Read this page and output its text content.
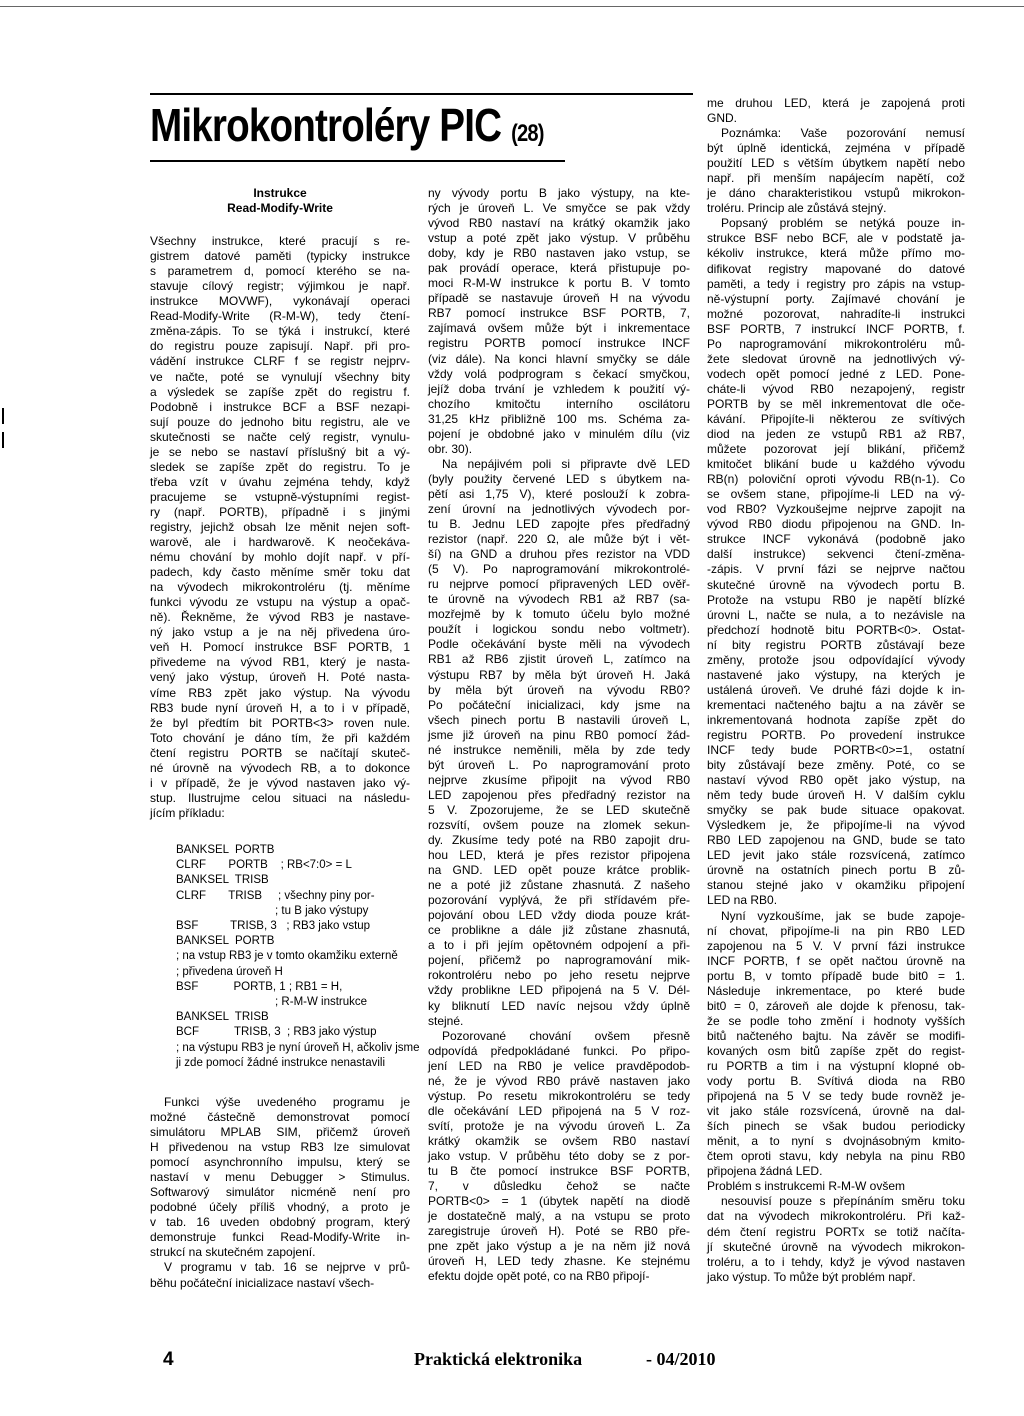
Mikrokontroléry PIC (28)

Instrukce

Read-Modify-Write

Všechny instrukce, které pracují s re-

gistrem datové paměti (typicky instrukce

s parametrem d, pomocí kterého se na-

stavuje cílový registr; výjimkou je např.

instrukce MOVWF), vykonávají operaci

Read-Modify-Write (R-M-W), tedy čtení-

změna-zápis. To se týká i instrukcí, které

do registru pouze zapisují. Např. při pro-

vádění instrukce CLRF f se registr nejprv-

ve načte, poté se vynulují všechny bity

a výsledek se zapíše zpět do registru f.

Podobně i instrukce BCF a BSF nezapi-

sují pouze do jednoho bitu registru, ale ve

skutečnosti se načte celý registr, vynulu-

je se nebo se nastaví příslušný bit a vý-

sledek se zapíše zpět do registru. To je

třeba vzít v úvahu zejména tehdy, když

pracujeme se vstupně-výstupními regist-

ry (např. PORTB), případně i s jinými

registry, jejichž obsah lze měnit nejen soft-

warově, ale i hardwarově. K neočekáva-

nému chování by mohlo dojít např. v pří-

padech, kdy často měníme směr toku dat

na vývodech mikrokontroléru (tj. měníme

funkci vývodu ze vstupu na výstup a opač-

ně). Řekněme, že vývod RB3 je nastave-

ný jako vstup a je na něj přivedena úro-

veň H. Pomocí instrukce BSF PORTB, 1

přivedeme na vývod RB1, který je nasta-

vený jako výstup, úroveň H. Poté nasta-

víme RB3 zpět jako výstup. Na vývodu

RB3 bude nyní úroveň H, a to i v případě,

že byl předtím bit PORTB<3> roven nule.

Toto chování je dáno tím, že při každém

čtení registru PORTB se načítají skuteč-

né úrovně na vývodech RB, a to dokonce

i v případě, že je vývod nastaven jako vý-

stup. Ilustrujme celou situaci na následu-

jícím příkladu:

BANKSEL  PORTB

CLRF       PORTB    ; RB<7:0> = L

BANKSEL  TRISB

CLRF       TRISB     ; všechny piny por-

; tu B jako výstupy

BSF          TRISB, 3   ; RB3 jako vstup

BANKSEL  PORTB

; na vstup RB3 je v tomto okamžiku externě

; přivedena úroveň H

BSF           PORTB, 1 ; RB1 = H,

; R-M-W instrukce

BANKSEL  TRISB

BCF           TRISB, 3  ; RB3 jako výstup

; na výstupu RB3 je nyní úroveň H, ačkoliv jsme

ji zde pomocí žádné instrukce nenastavili

Funkci výše uvedeného programu je

možné částečně demonstrovat pomocí

simulátoru MPLAB SIM, přičemž úroveň

H přivedenou na vstup RB3 lze simulovat

pomocí asynchronního impulsu, který se

nastaví v menu Debugger > Stimulus.

Softwarový simulátor nicméně není pro

podobné účely příliš vhodný, a proto je

v tab. 16 uveden obdobný program, který

demonstruje funkci Read-Modify-Write in-

strukcí na skutečném zapojení.

V programu v tab. 16 se nejprve v prů-

běhu počáteční inicializace nastaví všech-

ny vývody portu B jako výstupy, na kte-

rých je úroveň L. Ve smyčce se pak vždy

vývod RB0 nastaví na krátký okamžik jako

vstup a poté zpět jako výstup. V průběhu

doby, kdy je RB0 nastaven jako vstup, se

pak provádí operace, která přistupuje po-

moci R-M-W instrukce k portu B. V tomto

případě se nastavuje úroveň H na vývodu

RB7 pomocí instrukce BSF PORTB, 7,

zajímavá ovšem může být i inkrementace

registru PORTB pomocí instrukce INCF

(viz dále). Na konci hlavní smyčky se dále

vždy volá podprogram s čekací smyčkou,

jejíž doba trvání je vzhledem k použití vý-

chozího kmitočtu interního oscilátoru

31,25 kHz přibližně 100 ms. Schéma za-

pojení je obdobné jako v minulém dílu (viz

obr. 30).

Na nepájivém poli si připravte dvě LED

(byly použity červené LED s úbytkem na-

pětí asi 1,75 V), které poslouží k zobra-

zení úrovní na jednotlivých vývodech por-

tu B. Jednu LED zapojte přes předřadný

rezistor (např. 220 Ω, ale může být i vět-

ší) na GND a druhou přes rezistor na VDD

(5 V). Po naprogramování mikrokontrolé-

ru nejprve pomocí připravených LED ověř-

te úrovně na vývodech RB1 až RB7 (sa-

mozřejmě by k tomuto účelu bylo možné

použít i logickou sondu nebo voltmetr).

Podle očekávání byste měli na vývodech

RB1 až RB6 zjistit úroveň L, zatímco na

výstupu RB7 by měla být úroveň H. Jaká

by měla být úroveň na vývodu RB0?

Po počáteční inicializaci, kdy jsme na

všech pinech portu B nastavili úroveň L,

jsme již úroveň na pinu RB0 pomocí žád-

né instrukce neměnili, měla by zde tedy

být úroveň L. Po naprogramování proto

nejprve zkusíme připojit na vývod RB0

LED zapojenou přes předřadný rezistor na

5 V. Zpozorujeme, že se LED skutečně

rozsvítí, ovšem pouze na zlomek sekun-

dy. Zkusíme tedy poté na RB0 zapojit dru-

hou LED, která je přes rezistor připojena

na GND. LED opět pouze krátce problik-

ne a poté již zůstane zhasnutá. Z našeho

pozorování vyplývá, že při střídavém pře-

pojování obou LED vždy dioda pouze krát-

ce problikne a dále již zůstane zhasnutá,

a to i při jejím opětovném odpojení a při-

pojení, přičemž po naprogramování mik-

rokontroléru nebo po jeho resetu nejprve

vždy problikne LED připojená na 5 V. Dél-

ky bliknutí LED navíc nejsou vždy úplně

stejné.

Pozorované chování ovšem přesně

odpovídá předpokládané funkci. Po připo-

jení LED na RB0 je velice pravděpodob-

né, že je vývod RB0 právě nastaven jako

výstup. Po resetu mikrokontroléru se tedy

dle očekávání LED připojená na 5 V roz-

svítí, protože je na vývodu úroveň L. Za

krátký okamžik se ovšem RB0 nastaví

jako vstup. V průběhu této doby se z por-

tu B čte pomocí instrukce BSF PORTB,

7, v důsledku čehož se načte

PORTB<0> = 1 (úbytek napětí na diodě

je dostatečně malý, a na vstupu se proto

zaregistruje úroveň H). Poté se RB0 pře-

pne zpět jako výstup a je na něm již nová

úroveň H, LED tedy zhasne. Ke stejnému

efektu dojde opět poté, co na RB0 připojí-

me druhou LED, která je zapojená proti

GND.

Poznámka: Vaše pozorování nemusí

být úplně identická, zejména v případě

použití LED s větším úbytkem napětí nebo

např. při menším napájecím napětí, což

je dáno charakteristikou vstupů mikrokon-

troléru. Princip ale zůstává stejný.

Popsaný problém se netýká pouze in-

strukce BSF nebo BCF, ale v podstatě ja-

kékoliv instrukce, která může přímo mo-

difikovat registry mapované do datové

paměti, a tedy i registry pro zápis na vstup-

ně-výstupní porty. Zajímavé chování je

možné pozorovat, nahradíte-li instrukci

BSF PORTB, 7 instrukcí INCF PORTB, f.

Po naprogramování mikrokontroléru mů-

žete sledovat úrovně na jednotlivých vý-

vodech opět pomocí jedné z LED. Pone-

cháte-li vývod RB0 nezapojený, registr

PORTB by se měl inkrementovat dle oče-

kávání. Připojíte-li některou ze svítivých

diod na jeden ze vstupů RB1 až RB7,

můžete pozorovat její blikání, přičemž

kmitočet blikání bude u každého vývodu

RB(n) poloviční oproti vývodu RB(n-1). Co

se ovšem stane, připojíme-li LED na vý-

vod RB0? Vyzkoušejme nejprve zapojit na

vývod RB0 diodu připojenou na GND. In-

strukce INCF vykonává (podobně jako

další instrukce) sekvenci čtení-změna-

-zápis. V první fázi se nejprve načtou

skutečné úrovně na vývodech portu B.

Protože na vstupu RB0 je napětí blízké

úrovni L, načte se nula, a to nezávisle na

předchozí hodnotě bitu PORTB<0>. Ostat-

ní bity registru PORTB zůstávají beze

změny, protože jsou odpovídající vývody

nastavené jako výstupy, na kterých je

ustálená úroveň. Ve druhé fázi dojde k in-

krementaci načteného bajtu a na závěr se

inkrementovaná hodnota zapíše zpět do

registru PORTB. Po provedení instrukce

INCF tedy bude PORTB<0>=1, ostatní

bity zůstávají beze změny. Poté, co se

nastaví vývod RB0 opět jako výstup, na

něm tedy bude úroveň H. V dalším cyklu

smyčky se pak bude situace opakovat.

Výsledkem je, že připojíme-li na vývod

RB0 LED zapojenou na GND, bude se tato

LED jevit jako stále rozsvícená, zatímco

úrovně na ostatních pinech portu B zů-

stanou stejné jako v okamžiku připojení

LED na RB0.

Nyní vyzkoušíme, jak se bude zapoje-

ní chovat, připojíme-li na pin RB0 LED

zapojenou na 5 V. V první fázi instrukce

INCF PORTB, f se opět načtou úrovně na

portu B, v tomto případě bude bit0 = 1.

Následuje inkrementace, po které bude

bit0 = 0, zároveň ale dojde k přenosu, tak-

že se podle toho změní i hodnoty vyšších

bitů načteného bajtu. Na závěr se modifi-

kovaných osm bitů zapíše zpět do regist-

ru PORTB a tim i na výstupní klopné ob-

vody portu B. Svítivá dioda na RB0

připojená na 5 V se tedy bude rovněž je-

vit jako stále rozsvícená, úrovně na dal-

ších pinech se však budou periodicky

měnit, a to nyní s dvojnásobným kmito-

čtem oproti stavu, kdy nebyla na pinu RB0

připojena žádná LED.

Problém s instrukcemi R-M-W ovšem

nesouvisí pouze s přepínáním směru toku

dat na vývodech mikrokontroléru. Při kaž-

dém čtení registru PORTx se totiž načíta-

jí skutečné úrovně na vývodech mikrokon-

troléru, a to i tehdy, když je vývod nastaven

jako výstup. To může být problém např.

4	Praktická elektronika	- 04/2010
